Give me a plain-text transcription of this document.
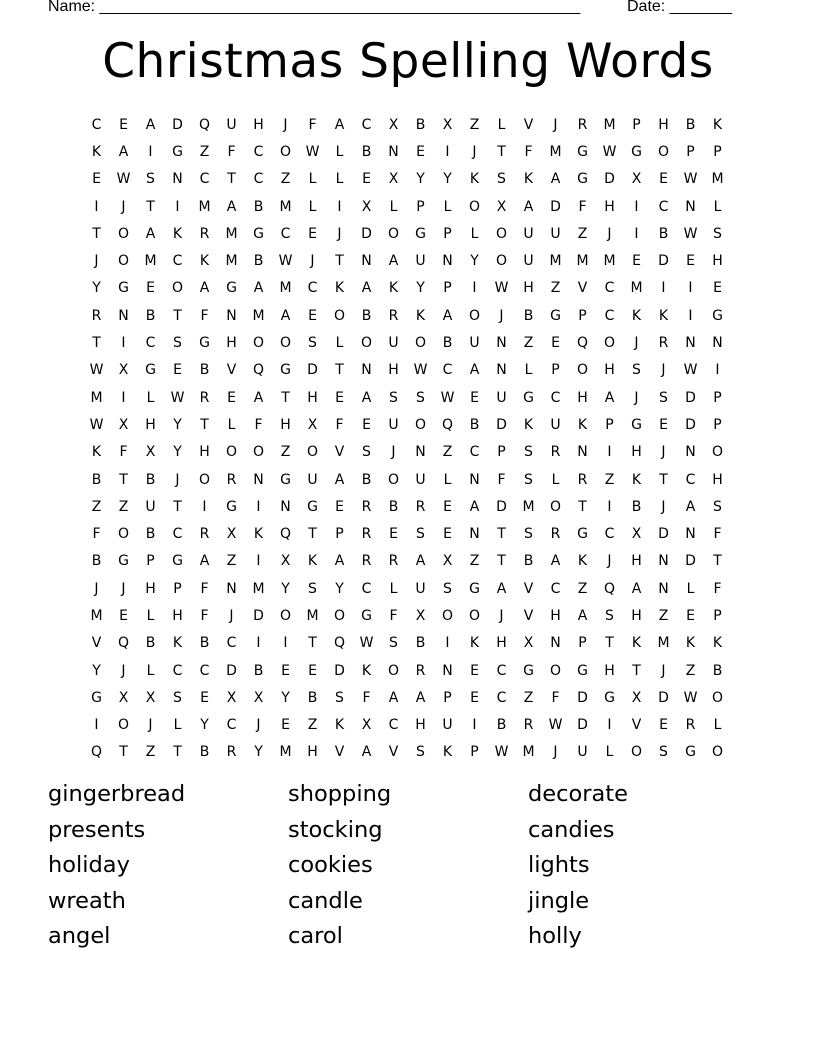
Name: ______________________________________________________	Date: _______
Christmas Spelling Words
C	E	A	D	Q	U	H	J	F	A	C	X	B	X	Z	L	V	J	R	M	P	H	B	K
K	A	I	G	Z	F	C	O	W	L	B	N	E	I	J	T	F	M	G	W	G	O	P	P
E	W	S	N	C	T	C	Z	L	L	E	X	Y	Y	K	S	K	A	G	D	X	E	W	M
I	J	T	I	M	A	B	M	L	I	X	L	P	L	O	X	A	D	F	H	I	C	N	L
T	O	A	K	R	M	G	C	E	J	D	O	G	P	L	O	U	U	Z	J	I	B	W	S
J	O	M	C	K	M	B	W	J	T	N	A	U	N	Y	O	U	M	M	M	E	D	E	H
Y	G	E	O	A	G	A	M	C	K	A	K	Y	P	I	W	H	Z	V	C	M	I	I	E
R	N	B	T	F	N	M	A	E	O	B	R	K	A	O	J	B	G	P	C	K	K	I	G
T	I	C	S	G	H	O	O	S	L	O	U	O	B	U	N	Z	E	Q	O	J	R	N	N
W	X	G	E	B	V	Q	G	D	T	N	H	W	C	A	N	L	P	O	H	S	J	W	I
M	I	L	W	R	E	A	T	H	E	A	S	S	W	E	U	G	C	H	A	J	S	D	P
W	X	H	Y	T	L	F	H	X	F	E	U	O	Q	B	D	K	U	K	P	G	E	D	P
K	F	X	Y	H	O	O	Z	O	V	S	J	N	Z	C	P	S	R	N	I	H	J	N	O
B	T	B	J	O	R	N	G	U	A	B	O	U	L	N	F	S	L	R	Z	K	T	C	H
Z	Z	U	T	I	G	I	N	G	E	R	B	R	E	A	D	M	O	T	I	B	J	A	S
F	O	B	C	R	X	K	Q	T	P	R	E	S	E	N	T	S	R	G	C	X	D	N	F
B	G	P	G	A	Z	I	X	K	A	R	R	A	X	Z	T	B	A	K	J	H	N	D	T
J	J	H	P	F	N	M	Y	S	Y	C	L	U	S	G	A	V	C	Z	Q	A	N	L	F
M	E	L	H	F	J	D	O	M	O	G	F	X	O	O	J	V	H	A	S	H	Z	E	P
V	Q	B	K	B	C	I	I	T	Q	W	S	B	I	K	H	X	N	P	T	K	M	K	K
Y	J	L	C	C	D	B	E	E	D	K	O	R	N	E	C	G	O	G	H	T	J	Z	B
G	X	X	S	E	X	X	Y	B	S	F	A	A	P	E	C	Z	F	D	G	X	D	W	O
I	O	J	L	Y	C	J	E	Z	K	X	C	H	U	I	B	R	W	D	I	V	E	R	L
Q	T	Z	T	B	R	Y	M	H	V	A	V	S	K	P	W	M	J	U	L	O	S	G	O
gingerbread	shopping	decorate
presents	stocking	candies
holiday	cookies	lights
wreath	candle	jingle
angel	carol	holly
